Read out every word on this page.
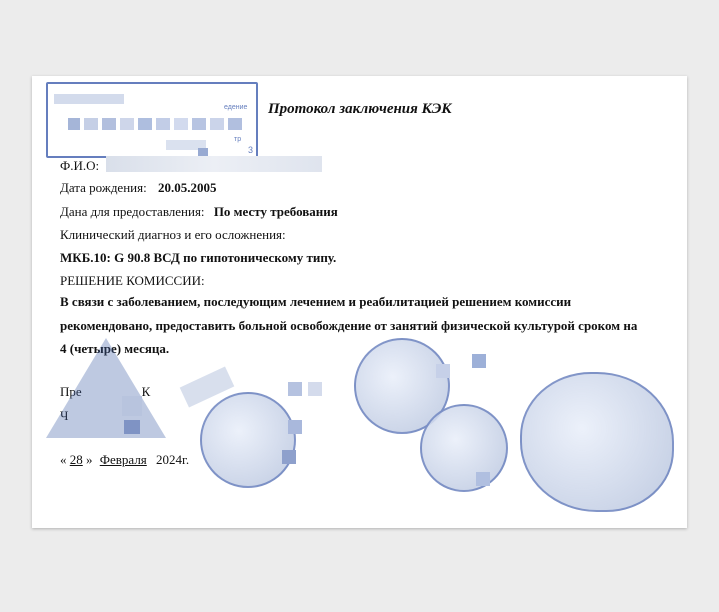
едение
тр
3
Протокол заключения КЭК
Ф.И.О:
Дата рождения: 20.05.2005
Дана для предоставления: По месту требования
Клинический диагноз и его осложнения:
МКБ.10: G 90.8 ВСД по гипотоническому типу.
РЕШЕНИЕ КОМИССИИ:
В связи с заболеванием, последующим лечением и реабилитацией решением комиссии
рекомендовано, предоставить больной освобождение от занятий физической культурой сроком на
4 (четыре) месяца.
Пре	К
Ч
« 28 » Февраля 2024г.
